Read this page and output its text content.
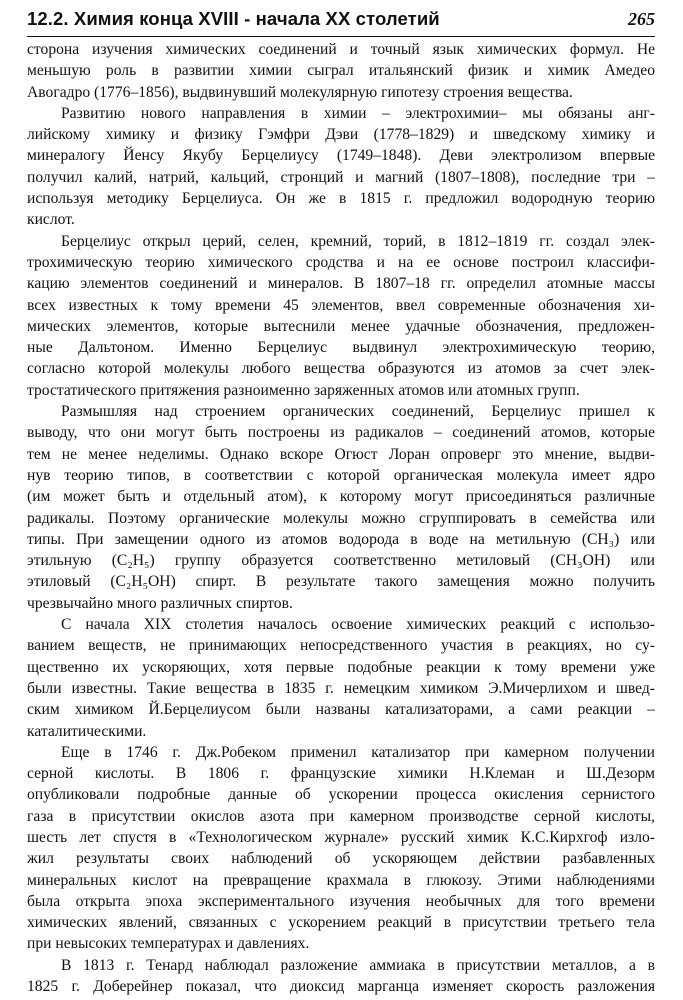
12.2. Химия конца XVIII - начала XX столетий	265
сторона изучения химических соединений и точный язык химических формул. Не
меньшую роль в развитии химии сыграл итальянский физик и химик Амедео
Авогадро (1776–1856), выдвинувший молекулярную гипотезу строения вещества.
Развитию нового направления в химии – электрохимии– мы обязаны анг-
лийскому химику и физику Гэмфри Дэви (1778–1829) и шведскому химику и
минералогу Йенсу Якубу Берцелиусу (1749–1848). Деви электролизом впервые
получил калий, натрий, кальций, стронций и магний (1807–1808), последние три –
используя методику Берцелиуса. Он же в 1815 г. предложил водородную теорию
кислот.
Берцелиус открыл церий, селен, кремний, торий, в 1812–1819 гг. создал элек-
трохимическую теорию химического сродства и на ее основе построил классифи-
кацию элементов соединений и минералов. В 1807–18 гг. определил атомные массы
всех известных к тому времени 45 элементов, ввел современные обозначения хи-
мических элементов, которые вытеснили менее удачные обозначения, предложен-
ные Дальтоном. Именно Берцелиус выдвинул электрохимическую теорию,
согласно которой молекулы любого вещества образуются из атомов за счет элек-
тростатического притяжения разноименно заряженных атомов или атомных групп.
Размышляя над строением органических соединений, Берцелиус пришел к
выводу, что они могут быть построены из радикалов – соединений атомов, которые
тем не менее неделимы. Однако вскоре Огюст Лоран опроверг это мнение, выдви-
нув теорию типов, в соответствии с которой органическая молекула имеет ядро
(им может быть и отдельный атом), к которому могут присоединяться различные
радикалы. Поэтому органические молекулы можно сгруппировать в семейства или
типы. При замещении одного из атомов водорода в воде на метильную (CH₃) или
этильную (C₂H₅) группу образуется соответственно метиловый (CH₃OH) или
этиловый (C₂H₅OH) спирт. В результате такого замещения можно получить
чрезвычайно много различных спиртов.
С начала XIX столетия началось освоение химических реакций с использо-
ванием веществ, не принимающих непосредственного участия в реакциях, но су-
щественно их ускоряющих, хотя первые подобные реакции к тому времени уже
были известны. Такие вещества в 1835 г. немецким химиком Э.Мичерлихом и швед-
ским химиком Й.Берцелиусом были названы катализаторами, а сами реакции –
каталитическими.
Еще в 1746 г. Дж.Робеком применил катализатор при камерном получении
серной кислоты. В 1806 г. французские химики Н.Клеман и Ш.Дезорм
опубликовали подробные данные об ускорении процесса окисления сернистого
газа в присутствии окислов азота при камерном производстве серной кислоты,
шесть лет спустя в «Технологическом журнале» русский химик К.С.Кирхгоф изло-
жил результаты своих наблюдений об ускоряющем действии разбавленных
минеральных кислот на превращение крахмала в глюкозу. Этими наблюдениями
была открыта эпоха экспериментального изучения необычных для того времени
химических явлений, связанных с ускорением реакций в присутствии третьего тела
при невысоких температурах и давлениях.
В 1813 г. Тенард наблюдал разложение аммиака в присутствии металлов, а в
1825 г. Доберейнер показал, что диоксид марганца изменяет скорость разложения
